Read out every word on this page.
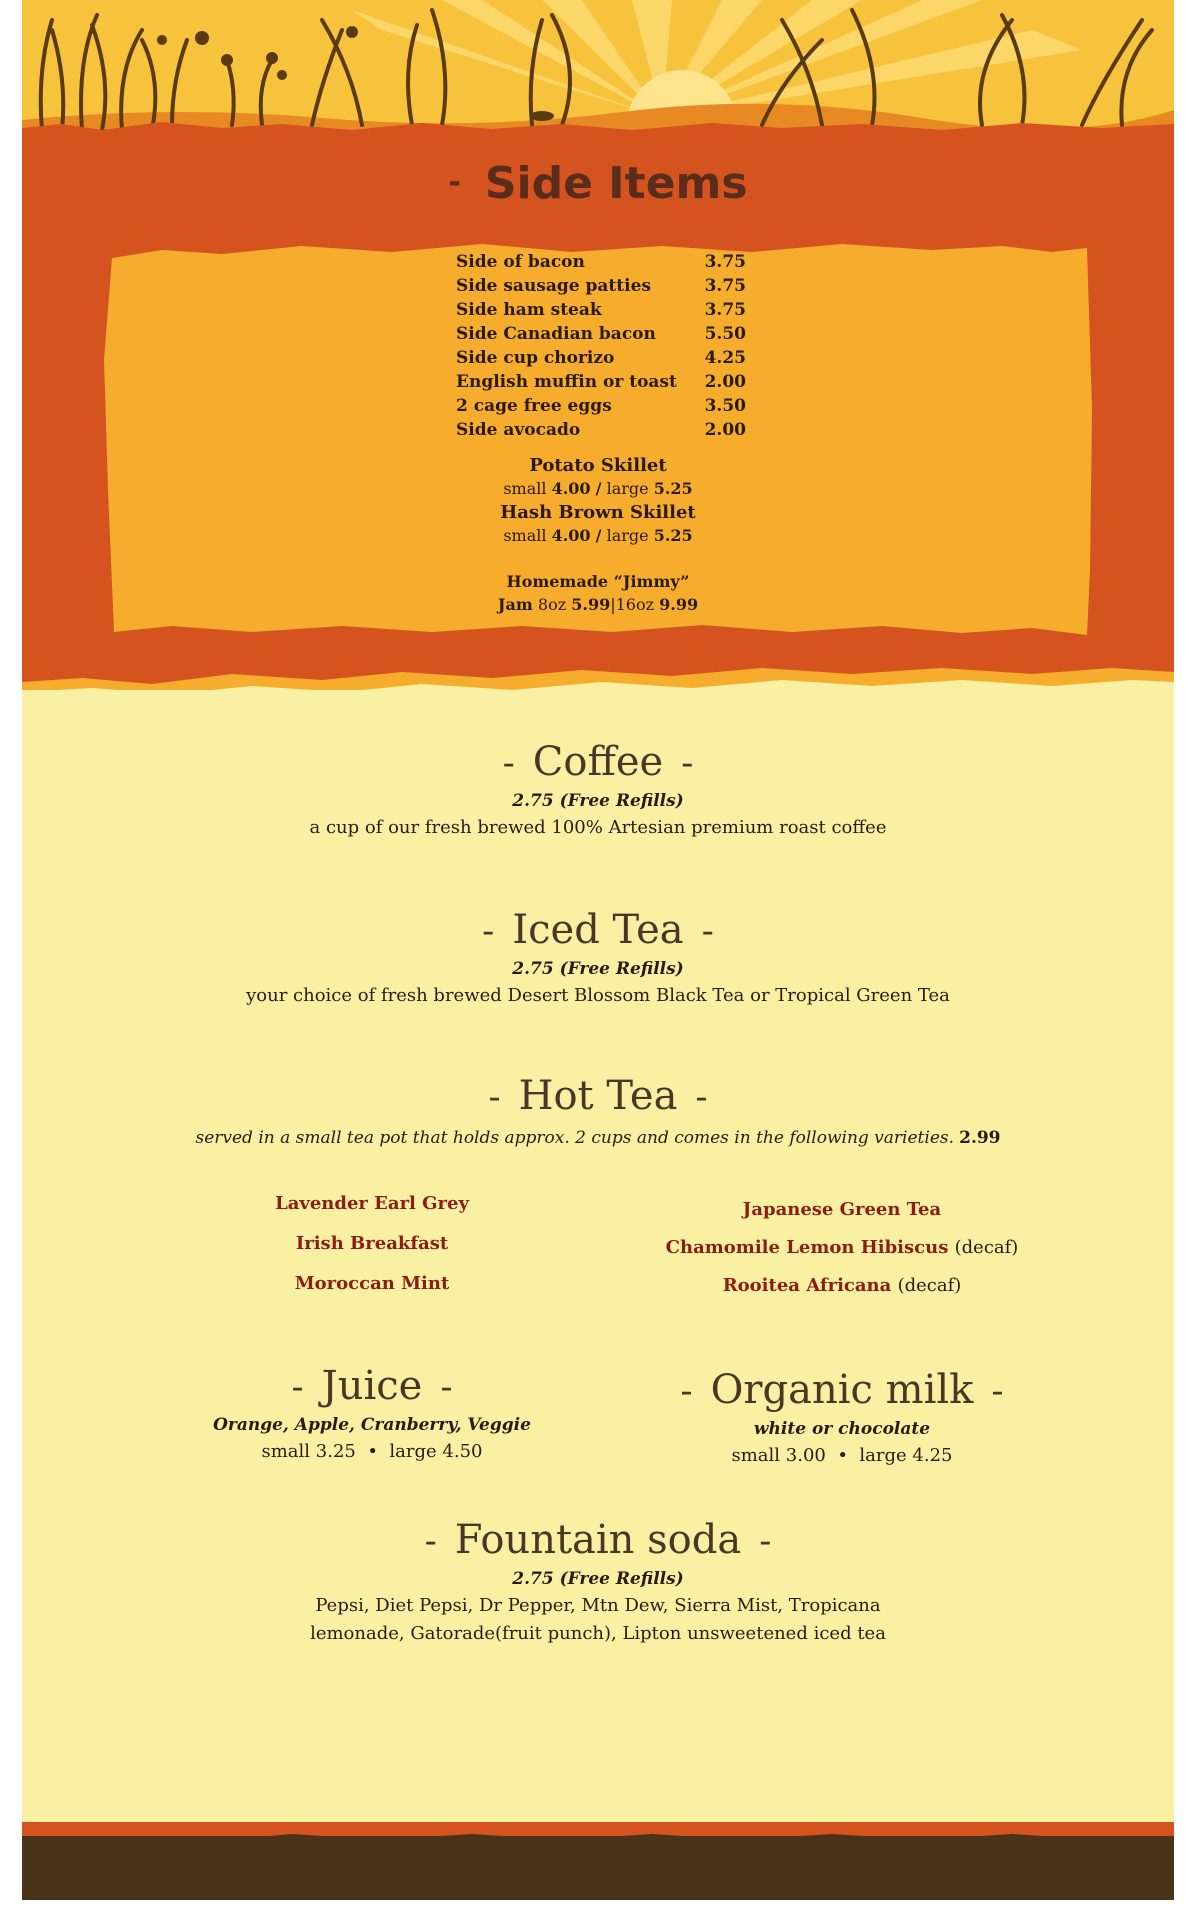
- Side Items
Side of bacon	3.75
Side sausage patties	3.75
Side ham steak	3.75
Side Canadian bacon	5.50
Side cup chorizo	4.25
English muffin or toast 2.00
2 cage free eggs	3.50
Side avocado	2.00
Potato Skillet
small 4.00 / large 5.25
Hash Brown Skillet
small 4.00 / large 5.25
Homemade “Jimmy”
Jam 8oz 5.99|16oz 9.99
- Coffee -
2.75 (Free Refills)
a cup of our fresh brewed 100% Artesian premium roast coffee
- Iced Tea -
2.75 (Free Refills)
your choice of fresh brewed Desert Blossom Black Tea or Tropical Green Tea
- Hot Tea -
served in a small tea pot that holds approx. 2 cups and comes in the following varieties. 2.99
Lavender Earl Grey
Irish Breakfast
Moroccan Mint
Japanese Green Tea
Chamomile Lemon Hibiscus (decaf)
Rooitea Africana (decaf)
- Juice -
Orange, Apple, Cranberry, Veggie
small 3.25 • large 4.50
- Organic milk -
white or chocolate
small 3.00 • large 4.25
- Fountain soda -
2.75 (Free Refills)
Pepsi, Diet Pepsi, Dr Pepper, Mtn Dew, Sierra Mist, Tropicana
lemonade, Gatorade(fruit punch), Lipton unsweetened iced tea
